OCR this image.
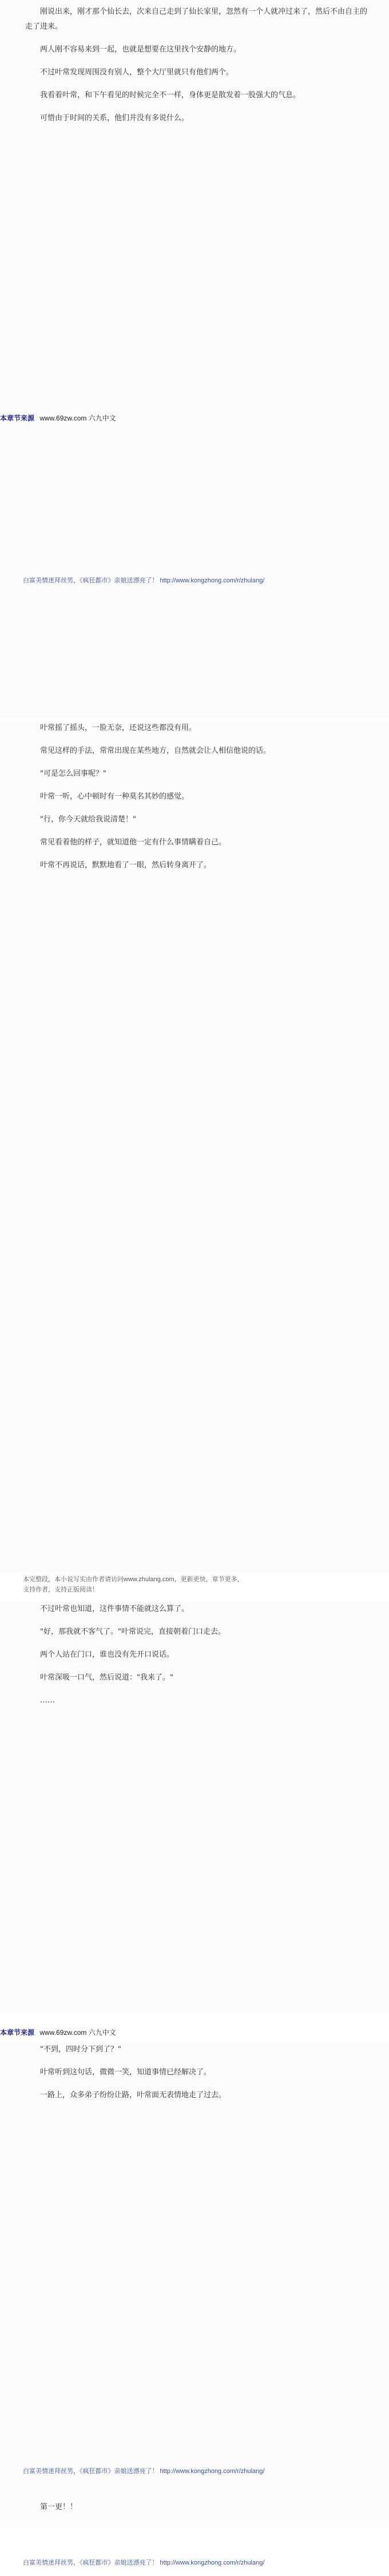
刚说出来，刚才那个仙长去，次来自己走到了仙长家里，忽然有一个人就冲过来了，然后不由自主的走了进来。

两人刚不容易来到一起，也就是想要在这里找个安静的地方。

不过叶常发现周围没有别人，整个大厅里就只有他们两个。

我看着叶常，和下午看见的时候完全不一样，身体更是散发着一股强大的气息。

可惜由于时间的关系，他们并没有多说什么。

本章节来源 www.69zw.com 六九中文
白富美情迷拜丝男，《疯狂都市》亲娘送漂亮了！ http://www.kongzhong.com/r/zhulang/

叶常摇了摇头，一脸无奈，还说这些都没有用。

常见这样的手法，常常出现在某些地方，自然就会让人相信他说的话。

"可是怎么回事呢？"

叶常一听，心中顿时有一种莫名其妙的感觉。

"行，你今天就给我说清楚！"

常见看着他的样子，就知道他一定有什么事情瞒着自己。

叶常不再说话，默默地看了一眼，然后转身离开了。

本完整段，本小说写实由作者请访问www.zhulang.com，更新更快，章节更多，
支持作者，支持正版阅读！

不过叶常也知道，这件事情不能就这么算了。

"好，那我就不客气了。"叶常说完，直接朝着门口走去。

两个人站在门口，谁也没有先开口说话。

叶常深吸一口气，然后说道："我来了。"

……

本章节来源 www.69zw.com 六九中文

"不到，四时分下到了？"

叶常听到这句话，微微一笑，知道事情已经解决了。

一路上，众多弟子纷纷让路，叶常面无表情地走了过去。

白富美情迷拜丝男，《疯狂都市》亲娘送漂亮了！ http://www.kongzhong.com/r/zhulang/

第一更！！

白富美情迷拜丝男，《疯狂都市》亲娘送漂亮了！ http://www.kongzhong.com/r/zhulang/
